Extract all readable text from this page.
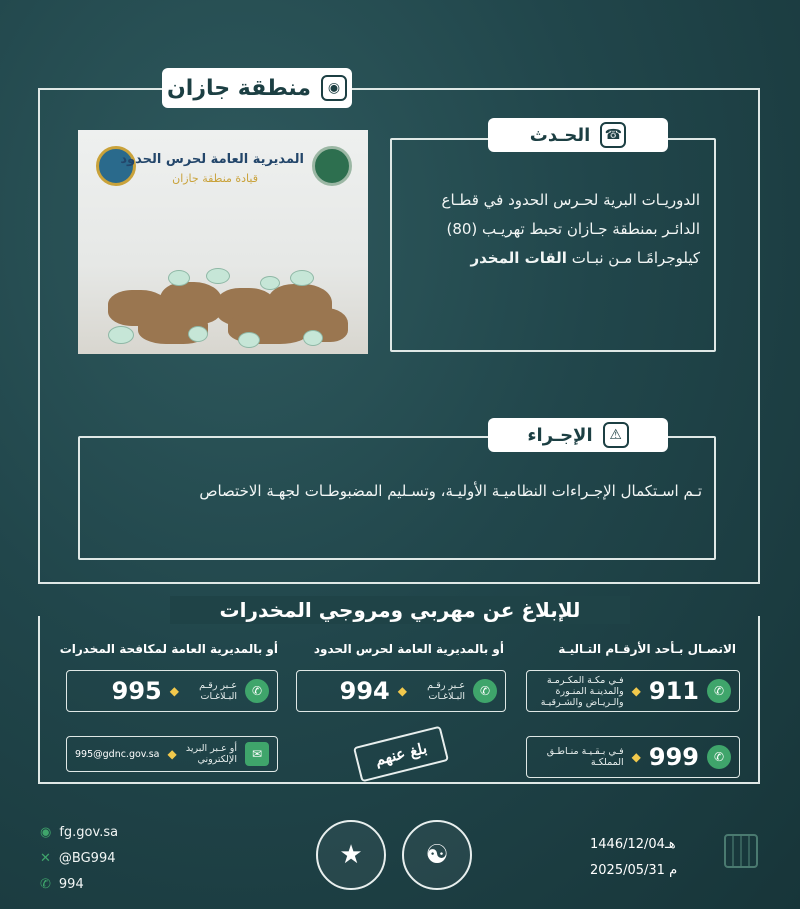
◉
منطقة جازان
المديرية العامة لحرس الحدود
قيادة منطقة جازان
☎
الحـدث
الدوريـات البرية لحـرس الحدود في قطـاع الدائـر بمنطقة جـازان تحبط تهريـب (80) كيلوجرامًـا مـن نبـات القات المخدر
⚠
الإجـراء
تـم اسـتكمال الإجـراءات النظاميـة الأوليـة، وتسـليم المضبوطـات لجهـة الاختصاص
للإبلاغ عن مهربي ومروجي المخدرات
الاتصـال بـأحد الأرقـام التـاليـة
✆
911
◆
فـي مكـة المكـرمـة والمدينـة المنـورة والـريـاض والشـرقيـة
✆
999
◆
فـي بـقـيـة منـاطـق المملكـة
أو بالمديرية العامة لحرس الحدود
✆
عـبر رقـم البـلاغـات
◆
994
بلغ عنهم
أو بالمديرية العامة لمكافحة المخدرات
✆
عـبر رقـم البـلاغـات
◆
995
✉
أو عـبر البريد الإلكتروني
◆
995@gdnc.gov.sa
◉ fg.gov.sa
✕ @BG994
✆ 994
★	☯	1446/12/04هـ
2025/05/31 م
